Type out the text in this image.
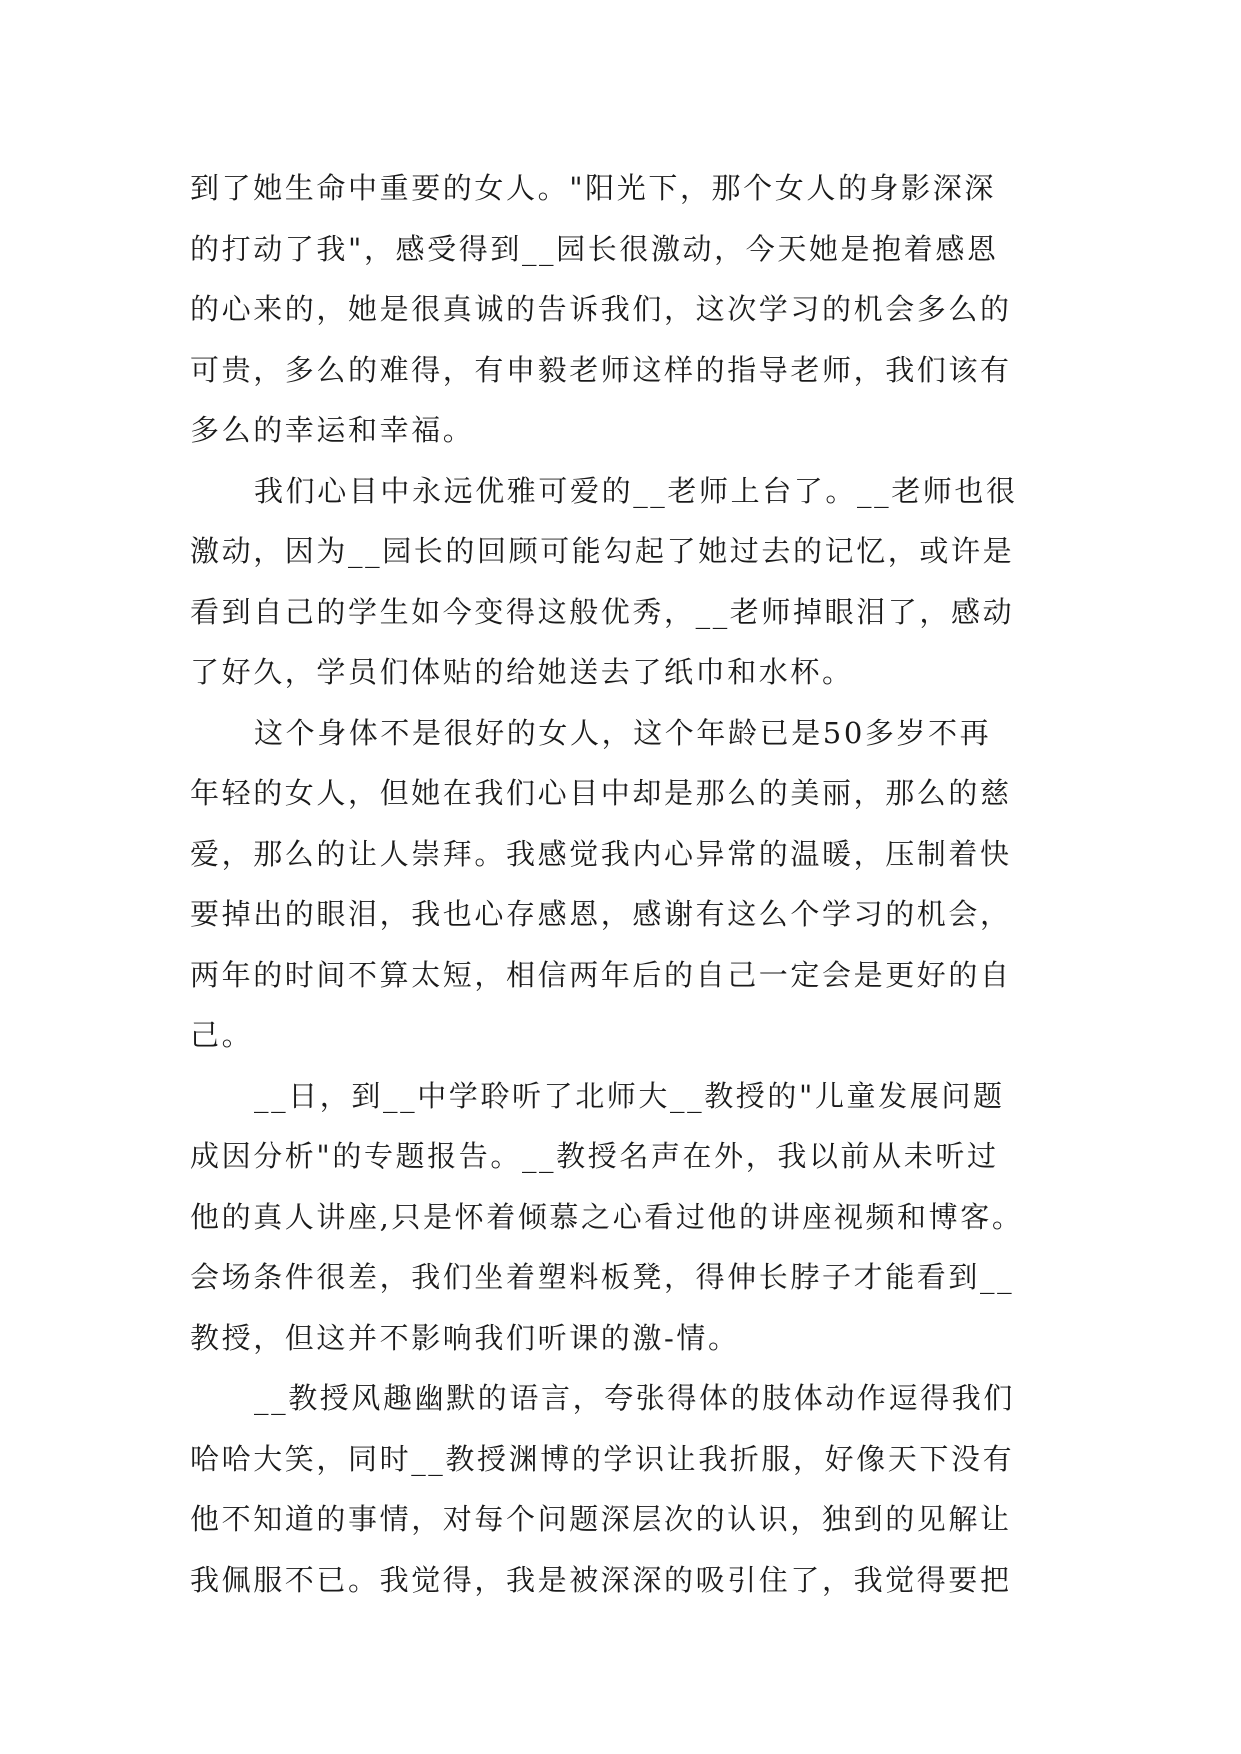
到了她生命中重要的女人。"阳光下，那个女人的身影深深
的打动了我"，感受得到__园长很激动，今天她是抱着感恩
的心来的，她是很真诚的告诉我们，这次学习的机会多么的
可贵，多么的难得，有申毅老师这样的指导老师，我们该有
多么的幸运和幸福。

我们心目中永远优雅可爱的__老师上台了。__老师也很
激动，因为__园长的回顾可能勾起了她过去的记忆，或许是
看到自己的学生如今变得这般优秀，__老师掉眼泪了，感动
了好久，学员们体贴的给她送去了纸巾和水杯。

这个身体不是很好的女人，这个年龄已是50多岁不再
年轻的女人，但她在我们心目中却是那么的美丽，那么的慈
爱，那么的让人崇拜。我感觉我内心异常的温暖，压制着快
要掉出的眼泪，我也心存感恩，感谢有这么个学习的机会，
两年的时间不算太短，相信两年后的自己一定会是更好的自
己。

__日，到__中学聆听了北师大__教授的"儿童发展问题
成因分析"的专题报告。__教授名声在外，我以前从未听过
他的真人讲座,只是怀着倾慕之心看过他的讲座视频和博客。
会场条件很差，我们坐着塑料板凳，得伸长脖子才能看到__
教授，但这并不影响我们听课的激-情。

__教授风趣幽默的语言，夸张得体的肢体动作逗得我们
哈哈大笑，同时__教授渊博的学识让我折服，好像天下没有
他不知道的事情，对每个问题深层次的认识，独到的见解让
我佩服不已。我觉得，我是被深深的吸引住了，我觉得要把
